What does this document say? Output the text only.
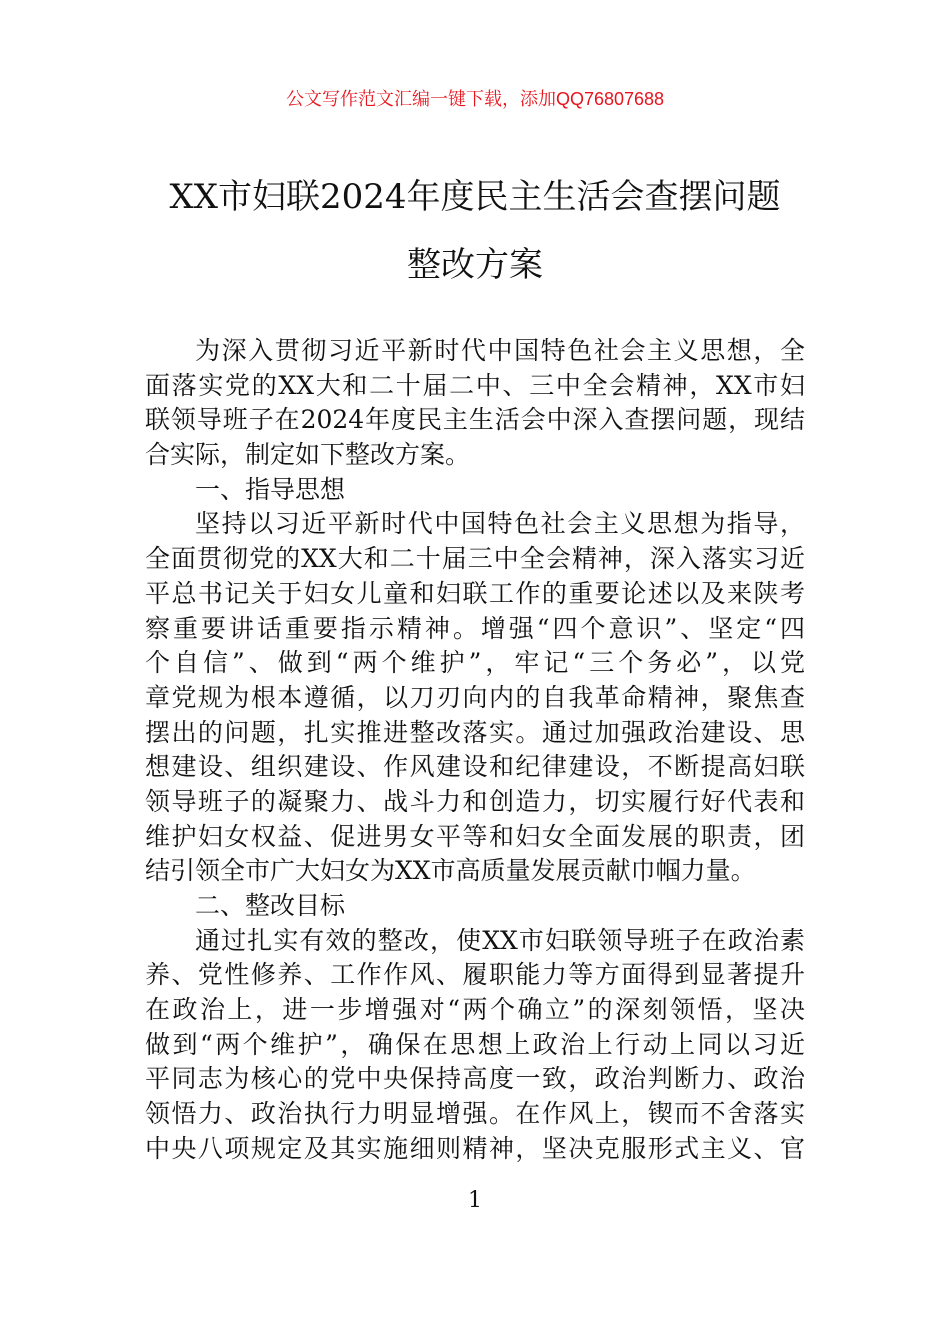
公文写作范文汇编一键下载，添加QQ76807688
XX市妇联2024年度民主生活会查摆问题
整改方案
为深入贯彻习近平新时代中国特色社会主义思想，全
面落实党的XX大和二十届二中、三中全会精神，XX市妇
联领导班子在2024年度民主生活会中深入查摆问题，现结
合实际，制定如下整改方案。
一、指导思想
坚持以习近平新时代中国特色社会主义思想为指导，
全面贯彻党的XX大和二十届三中全会精神，深入落实习近
平总书记关于妇女儿童和妇联工作的重要论述以及来陕考
察重要讲话重要指示精神。增强“四个意识”、坚定“四
个自信”、做到“两个维护”，牢记“三个务必”，以党
章党规为根本遵循，以刀刃向内的自我革命精神，聚焦查
摆出的问题，扎实推进整改落实。通过加强政治建设、思
想建设、组织建设、作风建设和纪律建设，不断提高妇联
领导班子的凝聚力、战斗力和创造力，切实履行好代表和
维护妇女权益、促进男女平等和妇女全面发展的职责，团
结引领全市广大妇女为XX市高质量发展贡献巾帼力量。
二、整改目标
通过扎实有效的整改，使XX市妇联领导班子在政治素
养、党性修养、工作作风、履职能力等方面得到显著提升
在政治上，进一步增强对“两个确立”的深刻领悟，坚决
做到“两个维护”，确保在思想上政治上行动上同以习近
平同志为核心的党中央保持高度一致，政治判断力、政治
领悟力、政治执行力明显增强。在作风上，锲而不舍落实
中央八项规定及其实施细则精神，坚决克服形式主义、官
1
